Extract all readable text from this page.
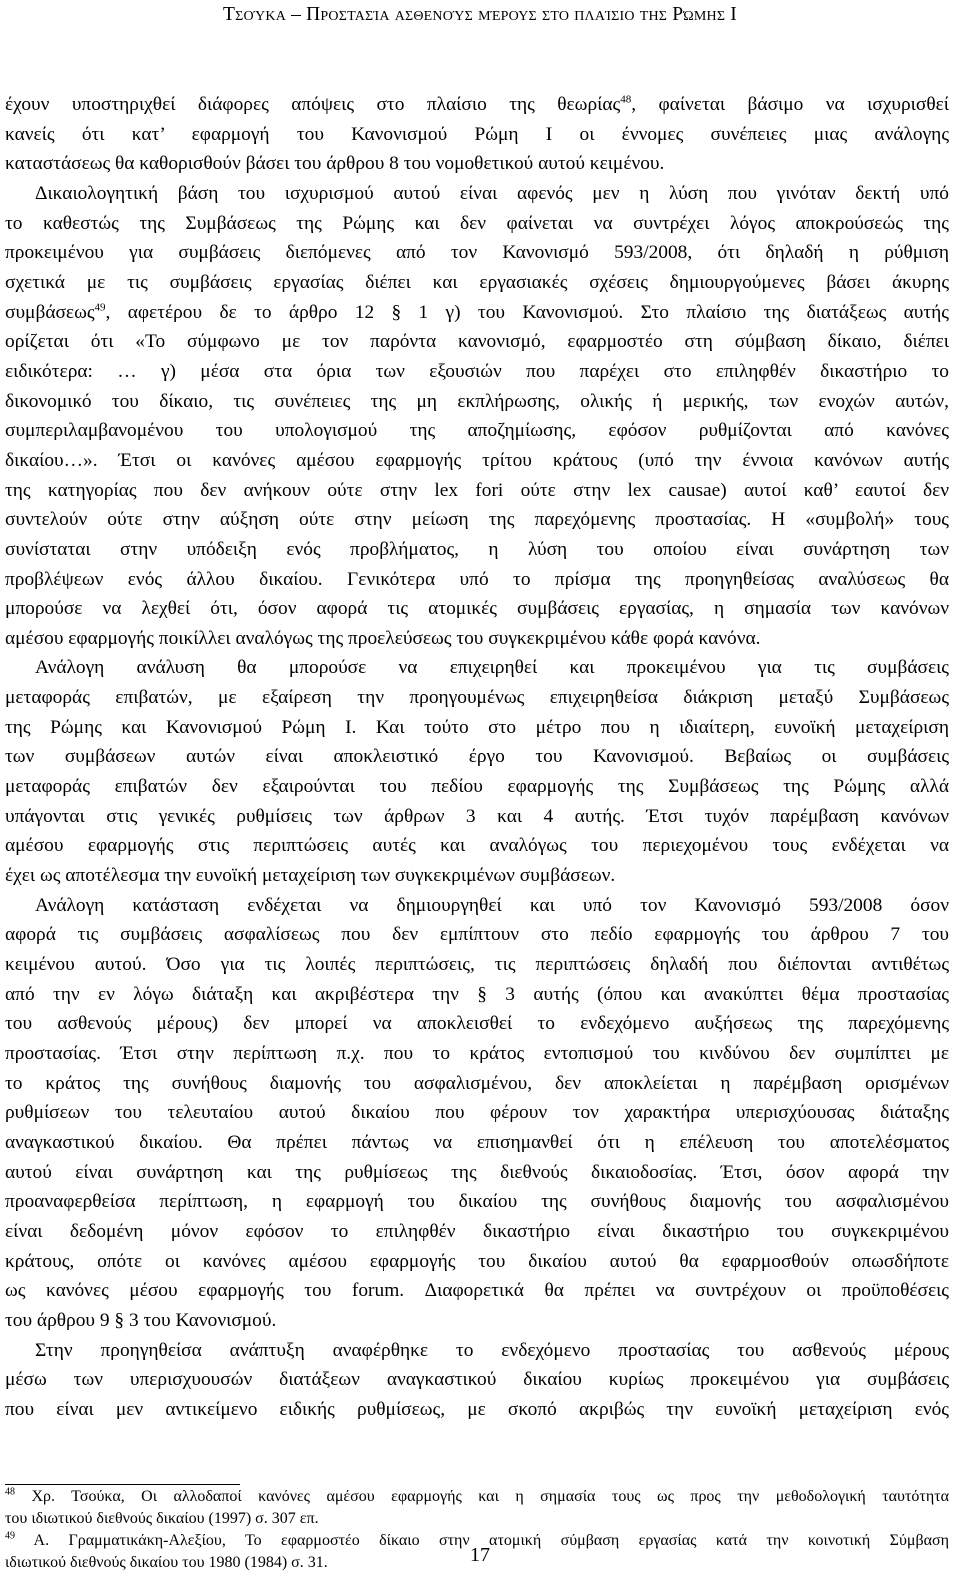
Τσούκα – Προστασία ασθενούς μέρους στο πλαίσιο της Ρώμης Ι
έχουν υποστηριχθεί διάφορες απόψεις στο πλαίσιο της θεωρίας$^{48}$, φαίνεται βάσιμο να ισχυρισθεί
κανείς ότι κατ’ εφαρμογή του Κανονισμού Ρώμη Ι οι έννομες συνέπειες μιας ανάλογης
καταστάσεως θα καθορισθούν βάσει του άρθρου 8 του νομοθετικού αυτού κειμένου.
Δικαιολογητική βάση του ισχυρισμού αυτού είναι αφενός μεν η λύση που γινόταν δεκτή υπό
το καθεστώς της Συμβάσεως της Ρώμης και δεν φαίνεται να συντρέχει λόγος αποκρούσεώς της
προκειμένου για συμβάσεις διεπόμενες από τον Κανονισμό 593/2008, ότι δηλαδή η ρύθμιση
σχετικά με τις συμβάσεις εργασίας διέπει και εργασιακές σχέσεις δημιουργούμενες βάσει άκυρης
συμβάσεως$^{49}$, αφετέρου δε το άρθρο 12 § 1 γ) του Κανονισμού. Στο πλαίσιο της διατάξεως αυτής
ορίζεται ότι «Το σύμφωνο με τον παρόντα κανονισμό, εφαρμοστέο στη σύμβαση δίκαιο, διέπει
ειδικότερα: … γ) μέσα στα όρια των εξουσιών που παρέχει στο επιληφθέν δικαστήριο το
δικονομικό του δίκαιο, τις συνέπειες της μη εκπλήρωσης, ολικής ή μερικής, των ενοχών αυτών,
συμπεριλαμβανομένου του υπολογισμού της αποζημίωσης, εφόσον ρυθμίζονται από κανόνες
δικαίου…». Έτσι οι κανόνες αμέσου εφαρμογής τρίτου κράτους (υπό την έννοια κανόνων αυτής
της κατηγορίας που δεν ανήκουν ούτε στην lex fori ούτε στην lex causae) αυτοί καθ’ εαυτοί δεν
συντελούν ούτε στην αύξηση ούτε στην μείωση της παρεχόμενης προστασίας. Η «συμβολή» τους
συνίσταται στην υπόδειξη ενός προβλήματος, η λύση του οποίου είναι συνάρτηση των
προβλέψεων ενός άλλου δικαίου. Γενικότερα υπό το πρίσμα της προηγηθείσας αναλύσεως θα
μπορούσε να λεχθεί ότι, όσον αφορά τις ατομικές συμβάσεις εργασίας, η σημασία των κανόνων
αμέσου εφαρμογής ποικίλλει αναλόγως της προελεύσεως του συγκεκριμένου κάθε φορά κανόνα.
Ανάλογη ανάλυση θα μπορούσε να επιχειρηθεί και προκειμένου για τις συμβάσεις
μεταφοράς επιβατών, με εξαίρεση την προηγουμένως επιχειρηθείσα διάκριση μεταξύ Συμβάσεως
της Ρώμης και Κανονισμού Ρώμη Ι. Και τούτο στο μέτρο που η ιδιαίτερη, ευνοϊκή μεταχείριση
των συμβάσεων αυτών είναι αποκλειστικό έργο του Κανονισμού. Βεβαίως οι συμβάσεις
μεταφοράς επιβατών δεν εξαιρούνται του πεδίου εφαρμογής της Συμβάσεως της Ρώμης αλλά
υπάγονται στις γενικές ρυθμίσεις των άρθρων 3 και 4 αυτής. Έτσι τυχόν παρέμβαση κανόνων
αμέσου εφαρμογής στις περιπτώσεις αυτές και αναλόγως του περιεχομένου τους ενδέχεται να
έχει ως αποτέλεσμα την ευνοϊκή μεταχείριση των συγκεκριμένων συμβάσεων.
Ανάλογη κατάσταση ενδέχεται να δημιουργηθεί και υπό τον Κανονισμό 593/2008 όσον
αφορά τις συμβάσεις ασφαλίσεως που δεν εμπίπτουν στο πεδίο εφαρμογής του άρθρου 7 του
κειμένου αυτού. Όσο για τις λοιπές περιπτώσεις, τις περιπτώσεις δηλαδή που διέπονται αντιθέτως
από την εν λόγω διάταξη και ακριβέστερα την § 3 αυτής (όπου και ανακύπτει θέμα προστασίας
του ασθενούς μέρους) δεν μπορεί να αποκλεισθεί το ενδεχόμενο αυξήσεως της παρεχόμενης
προστασίας. Έτσι στην περίπτωση π.χ. που το κράτος εντοπισμού του κινδύνου δεν συμπίπτει με
το κράτος της συνήθους διαμονής του ασφαλισμένου, δεν αποκλείεται η παρέμβαση ορισμένων
ρυθμίσεων του τελευταίου αυτού δικαίου που φέρουν τον χαρακτήρα υπερισχύουσας διάταξης
αναγκαστικού δικαίου. Θα πρέπει πάντως να επισημανθεί ότι η επέλευση του αποτελέσματος
αυτού είναι συνάρτηση και της ρυθμίσεως της διεθνούς δικαιοδοσίας. Έτσι, όσον αφορά την
προαναφερθείσα περίπτωση, η εφαρμογή του δικαίου της συνήθους διαμονής του ασφαλισμένου
είναι δεδομένη μόνον εφόσον το επιληφθέν δικαστήριο είναι δικαστήριο του συγκεκριμένου
κράτους, οπότε οι κανόνες αμέσου εφαρμογής του δικαίου αυτού θα εφαρμοσθούν οπωσδήποτε
ως κανόνες μέσου εφαρμογής του forum. Διαφορετικά θα πρέπει να συντρέχουν οι προϋποθέσεις
του άρθρου 9 § 3 του Κανονισμού.
Στην προηγηθείσα ανάπτυξη αναφέρθηκε το ενδεχόμενο προστασίας του ασθενούς μέρους
μέσω των υπερισχυουσών διατάξεων αναγκαστικού δικαίου κυρίως προκειμένου για συμβάσεις
που είναι μεν αντικείμενο ειδικής ρυθμίσεως, με σκοπό ακριβώς την ευνοϊκή μεταχείριση ενός
$^{48}$ Χρ. Τσούκα, Οι αλλοδαποί κανόνες αμέσου εφαρμογής και η σημασία τους ως προς την μεθοδολογική ταυτότητα
του ιδιωτικού διεθνούς δικαίου (1997) σ. 307 επ.
$^{49}$ Α. Γραμματικάκη-Αλεξίου, Το εφαρμοστέο δίκαιο στην ατομική σύμβαση εργασίας κατά την κοινοτική Σύμβαση
ιδιωτικού διεθνούς δικαίου του 1980 (1984) σ. 31.	17
